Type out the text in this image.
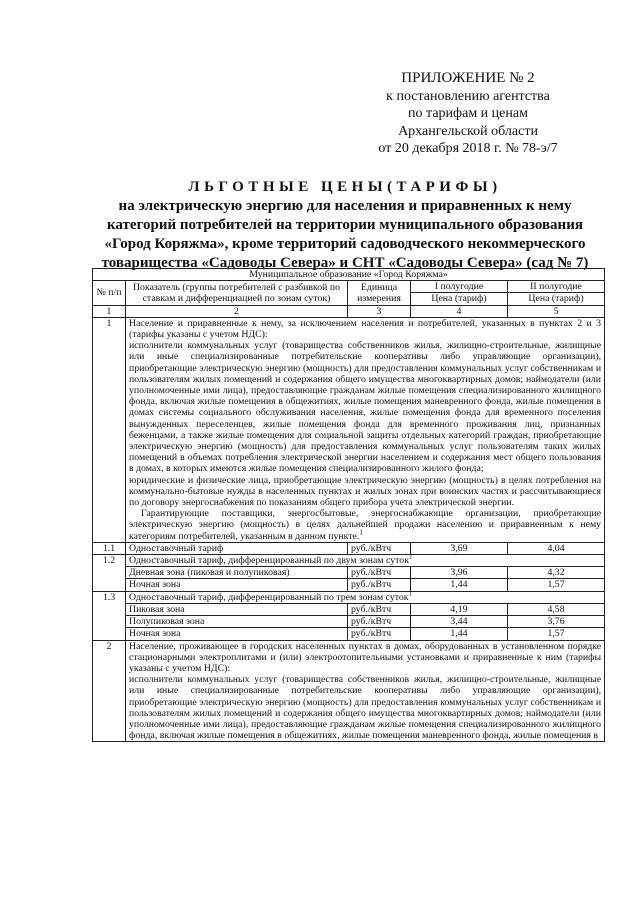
ПРИЛОЖЕНИЕ № 2
к постановлению агентства
по тарифам и ценам
Архангельской области
от 20 декабря 2018 г. № 78-э/7
ЛЬГОТНЫЕ ЦЕНЫ(ТАРИФЫ)
на электрическую энергию для населения и приравненных к нему
категорий потребителей на территории муниципального образования
«Город Коряжма», кроме территорий садоводческого некоммерческого
товарищества «Садоводы Севера» и СНТ «Садоводы Севера» (сад № 7)
Муниципальное образование «Город Коряжма»				
№ п/п	Показатель (группы потребителей с разбивкой по ставкам и дифференциацией по зонам суток)	Единица измерения	I полугодие	II полугодие
			Цена (тариф)	Цена (тариф)
1	2	3	4	5
1	Население и приравненные к нему, за исключением населения и потребителей, указанных в пунктах 2 и 3 (тарифы указаны с учетом НДС):
исполнители коммунальных услуг (товарищества собственников жилья, жилищно-строительные, жилищные или иные специализированные потребительские кооперативы либо управляющие организации), приобретающие электрическую энергию (мощность) для предоставления коммунальных услуг собственникам и пользователям жилых помещений и содержания общего имущества многоквартирных домов; наймодатели (или уполномоченные ими лица), предоставляющие гражданам жилые помещения специализированного жилищного фонда, включая жилые помещения в общежитиях, жилые помещения маневренного фонда, жилые помещения в домах системы социального обслуживания населения, жилые помещения фонда для временного поселения вынужденных переселенцев, жилые помещения фонда для временного проживания лиц, признанных беженцами, а также жилые помещения для социальной защиты отдельных категорий граждан, приобретающие электрическую энергию (мощность) для предоставления коммунальных услуг пользователям таких жилых помещений в объемах потребления электрической энергии населением и содержания мест общего пользования в домах, в которых имеются жилые помещения специализированного жилого фонда;
юридические и физические лица, приобретающие электрическую энергию (мощность) в целях потребления на коммунально-бытовые нужды в населенных пунктах и жилых зонах при воинских частях и рассчитывающиеся по договору энергоснабжения по показаниям общего прибора учета электрической энергии.
Гарантирующие поставщики, энергосбытовые, энергоснабжающие организации, приобретающие электрическую энергию (мощность) в целях дальнейшей продажи населению и приравненным к нему категориям потребителей, указанным в данном пункте.$^1$

1.1	Одноставочный тариф	руб./кВтч	3,69	4,04
1.2	Одноставочный тариф, дифференцированный по двум зонам суток$^1$
	Дневная зона (пиковая и полупиковая)	руб./кВтч	3,96	4,32
	Ночная зона	руб./кВтч	1,44	1,57
1.3	Одноставочный тариф, дифференцированный по трем зонам суток$^1$
	Пиковая зона	руб./кВтч	4,19	4,58
	Полупиковая зона	руб./кВтч	3,44	3,76
	Ночная зона	руб./кВтч	1,44	1,57
2	Население, проживающее в городских населенных пунктах в домах, оборудованных в установленном порядке стационарными электроплитами и (или) электроотопительными установками и приравненные к ним (тарифы указаны с учетом НДС):
исполнители коммунальных услуг (товарищества собственников жилья, жилищно-строительные, жилищные или иные специализированные потребительские кооперативы либо управляющие организации), приобретающие электрическую энергию (мощность) для предоставления коммунальных услуг собственникам и пользователям жилых помещений и содержания общего имущества многоквартирных домов; наймодатели (или уполномоченные ими лица), предоставляющие гражданам жилые помещения специализированного жилищного фонда, включая жилые помещения в общежитиях, жилые помещения маневренного фонда, жилые помещения в			
